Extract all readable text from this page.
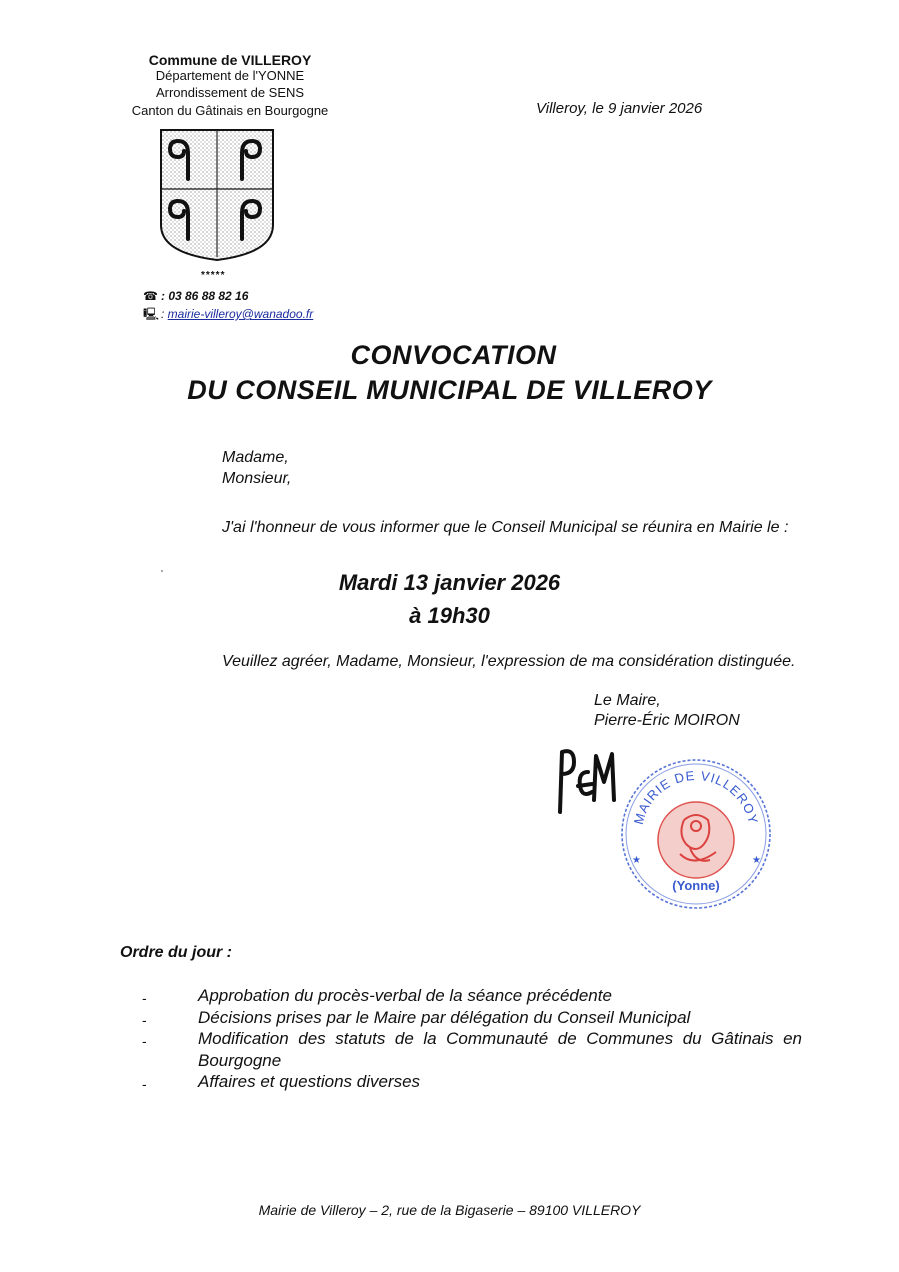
Commune de VILLEROY
Département de l'YONNE
Arrondissement de SENS
Canton du Gâtinais en Bourgogne	Villeroy, le 9 janvier 2026
*****
☎ : 03 86 88 82 16
🖳 : mairie-villeroy@wanadoo.fr
CONVOCATION
DU CONSEIL MUNICIPAL DE VILLEROY
Madame,
Monsieur,
J'ai l'honneur de vous informer que le Conseil Municipal se réunira en Mairie le :
Mardi 13 janvier 2026
à 19h30
Veuillez agréer, Madame, Monsieur, l'expression de ma considération distinguée.
Le Maire,
Pierre-Éric MOIRON
MAIRIE DE VILLEROY
(Yonne)
★	★
Ordre du jour :
-	Approbation du procès-verbal de la séance précédente
-	Décisions prises par le Maire par délégation du Conseil Municipal
-	Modification des statuts de la Communauté de Communes du Gâtinais en Bourgogne
-	Affaires et questions diverses
Mairie de Villeroy – 2, rue de la Bigaserie – 89100 VILLEROY
